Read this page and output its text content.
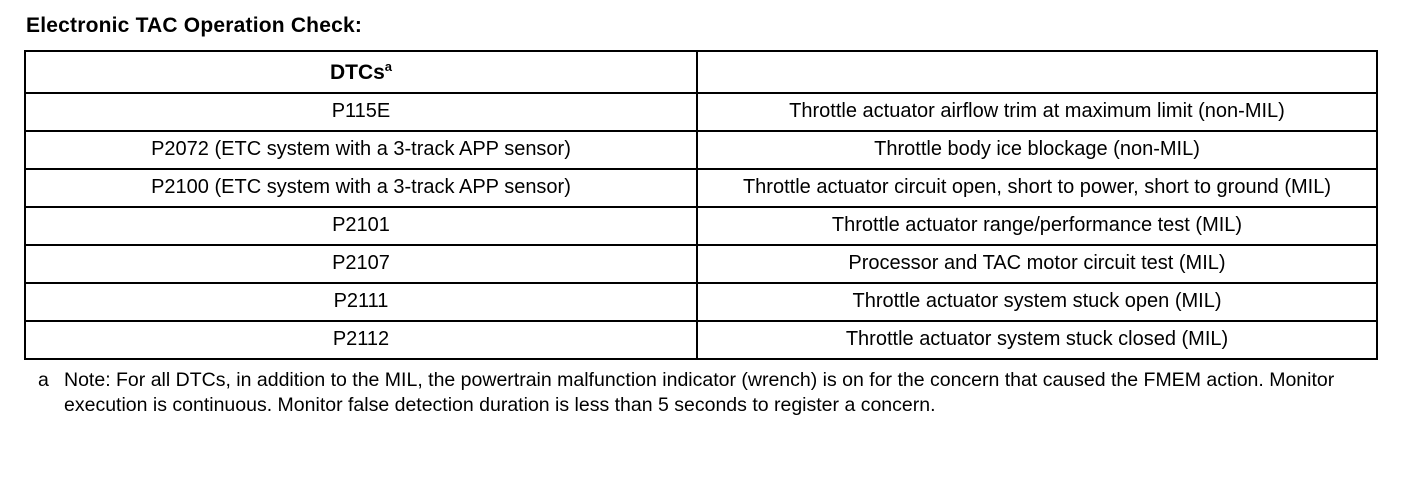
Electronic TAC Operation Check:
DTCs$^a$	
P115E	Throttle actuator airflow trim at maximum limit (non-MIL)
P2072 (ETC system with a 3-track APP sensor)	Throttle body ice blockage (non-MIL)
P2100 (ETC system with a 3-track APP sensor)	Throttle actuator circuit open, short to power, short to ground (MIL)
P2101	Throttle actuator range/performance test (MIL)
P2107	Processor and TAC motor circuit test (MIL)
P2111	Throttle actuator system stuck open (MIL)
P2112	Throttle actuator system stuck closed (MIL)
a Note: For all DTCs, in addition to the MIL, the powertrain malfunction indicator (wrench) is on for the concern that caused the FMEM action. Monitor execution is continuous. Monitor false detection duration is less than 5 seconds to register a concern.
